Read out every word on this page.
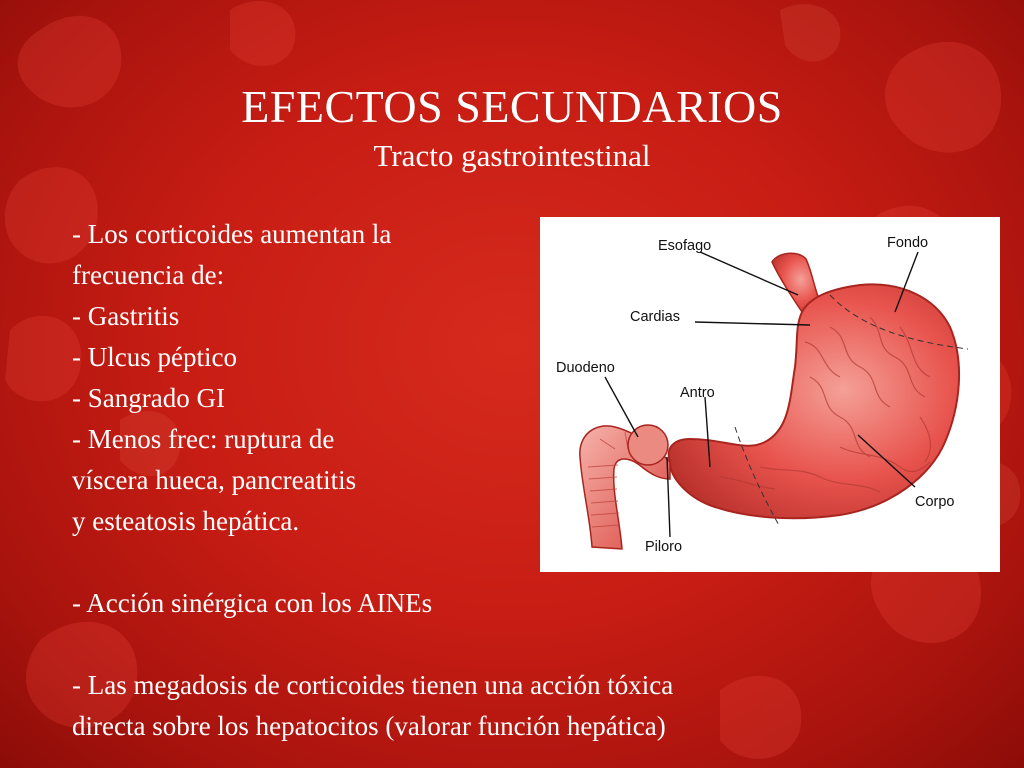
EFECTOS SECUNDARIOS
Tracto gastrointestinal
- Los corticoides aumentan la
frecuencia de:
- Gastritis
- Ulcus péptico
- Sangrado GI
- Menos frec: ruptura de
víscera hueca, pancreatitis
y esteatosis hepática.
- Acción sinérgica con los AINEs
- Las megadosis de corticoides tienen una acción tóxica
directa sobre los hepatocitos (valorar función hepática)
Esofago	Fondo
Cardias
Duodeno
Antro
Corpo
Piloro
